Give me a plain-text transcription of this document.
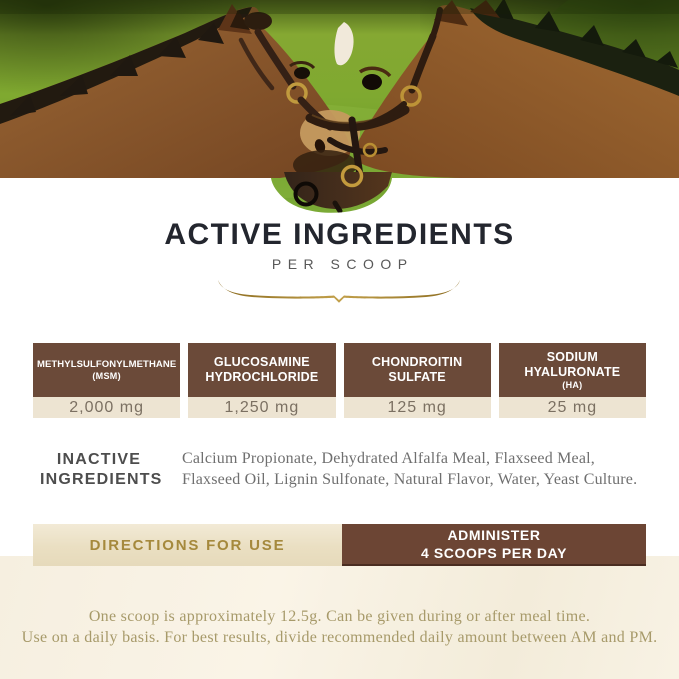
ACTIVE INGREDIENTS
PER SCOOP
METHYLSULFONYLMETHANE
(MSM)
2,000 mg
GLUCOSAMINE HYDROCHLORIDE
1,250 mg
CHONDROITIN SULFATE
125 mg
SODIUM HYALURONATE
(HA)
25 mg
INACTIVE
INGREDIENTS
Calcium Propionate, Dehydrated Alfalfa Meal, Flaxseed Meal, Flaxseed Oil, Lignin Sulfonate, Natural Flavor, Water, Yeast Culture.
DIRECTIONS FOR USE
ADMINISTER
4 SCOOPS PER DAY
One scoop is approximately 12.5g. Can be given during or after meal time.
Use on a daily basis. For best results, divide recommended daily amount between AM and PM.
